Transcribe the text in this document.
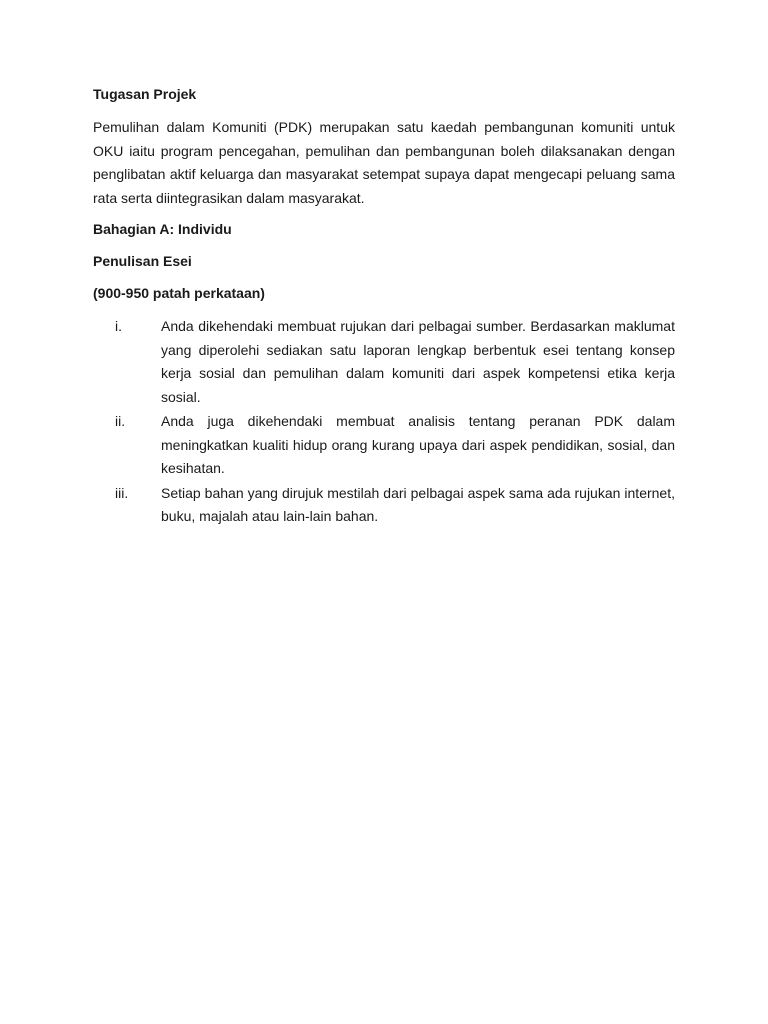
Tugasan Projek

Pemulihan dalam Komuniti (PDK) merupakan satu kaedah pembangunan komuniti untuk OKU iaitu program pencegahan, pemulihan dan pembangunan boleh dilaksanakan dengan penglibatan aktif keluarga dan masyarakat setempat supaya dapat mengecapi peluang sama rata serta diintegrasikan dalam masyarakat.

Bahagian A: Individu
Penulisan Esei
(900-950 patah perkataan)
i.	Anda dikehendaki membuat rujukan dari pelbagai sumber. Berdasarkan maklumat yang diperolehi sediakan satu laporan lengkap berbentuk esei tentang konsep kerja sosial dan pemulihan dalam komuniti dari aspek kompetensi etika kerja sosial.
ii.	Anda juga dikehendaki membuat analisis tentang peranan PDK dalam meningkatkan kualiti hidup orang kurang upaya dari aspek pendidikan, sosial, dan kesihatan.
iii.	Setiap bahan yang dirujuk mestilah dari pelbagai aspek sama ada rujukan internet, buku, majalah atau lain-lain bahan.
